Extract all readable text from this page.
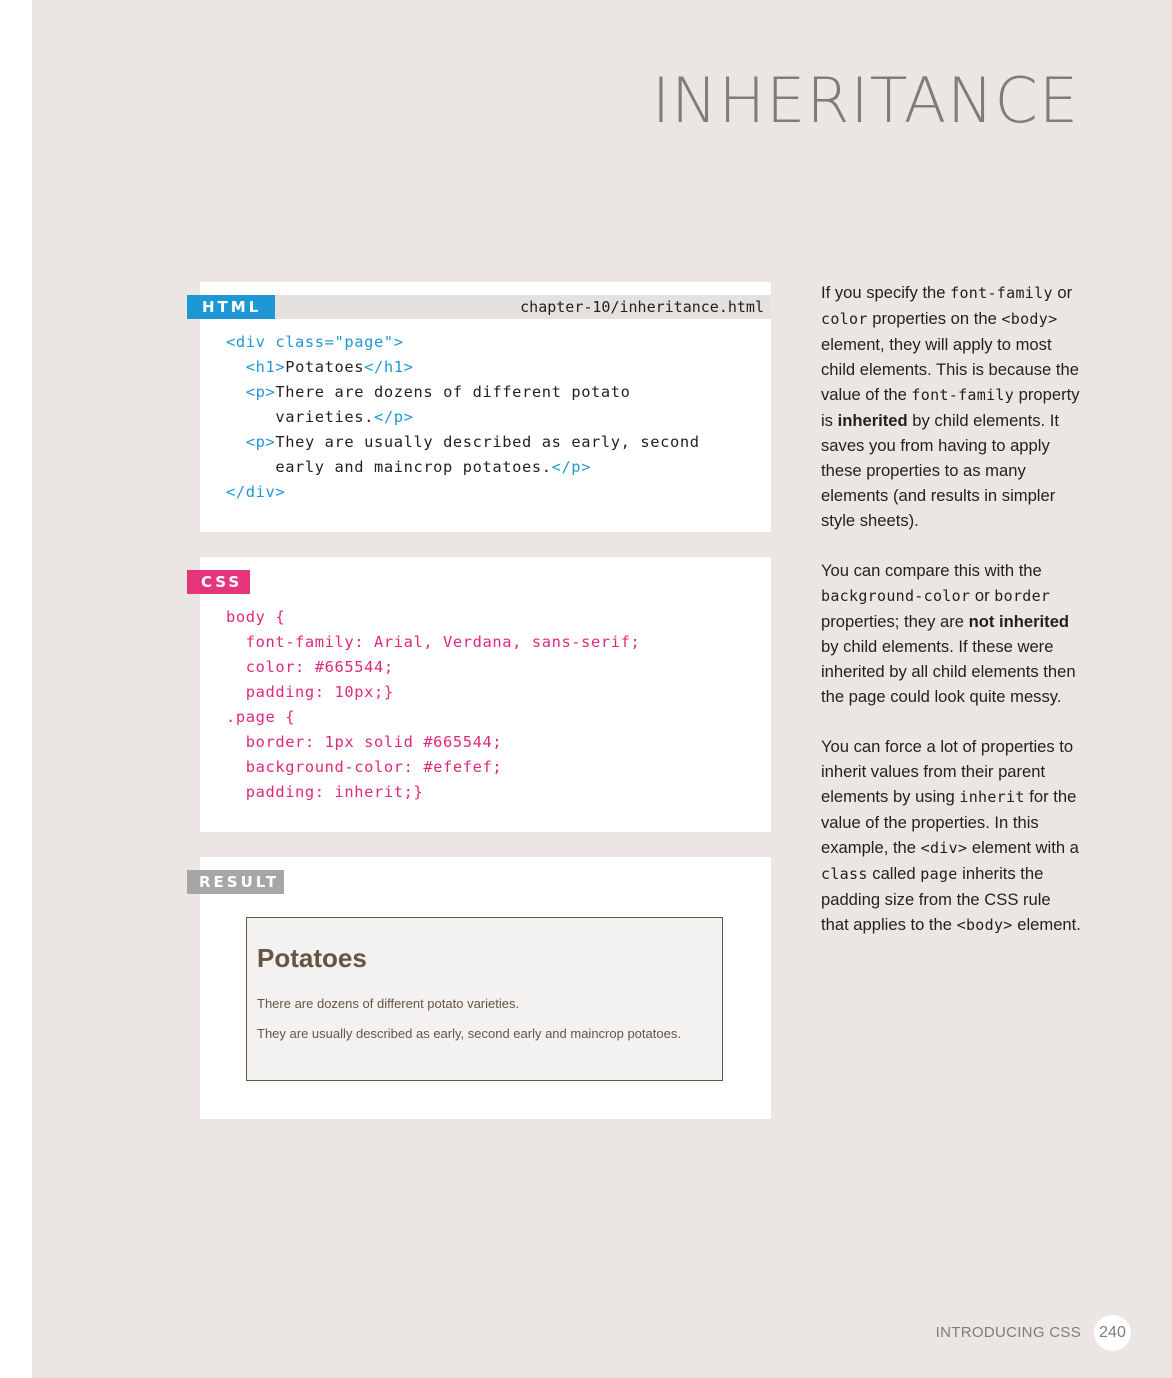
INHERITANCE
HTML	chapter-10/inheritance.html
<div class="page">
<h1>Potatoes</h1>
<p>There are dozens of different potato
varieties.</p>
<p>They are usually described as early, second
early and maincrop potatoes.</p>
</div>
CSS
body {
font-family: Arial, Verdana, sans-serif;
color: #665544;
padding: 10px;}
.page {
border: 1px solid #665544;
background-color: #efefef;
padding: inherit;}
RESULT
Potatoes

There are dozens of different potato varieties.

They are usually described as early, second early and maincrop potatoes.

If you specify the font-family or color properties on the <body> element, they will apply to most child elements. This is because the value of the font-family property is inherited by child elements. It saves you from having to apply these properties to as many elements (and results in simpler style sheets).

You can compare this with the background-color or border properties; they are not inherited by child elements. If these were inherited by all child elements then the page could look quite messy.

You can force a lot of properties to inherit values from their parent elements by using inherit for the value of the properties. In this example, the <div> element with a class called page inherits the padding size from the CSS rule that applies to the <body> element.

INTRODUCING CSS	240
